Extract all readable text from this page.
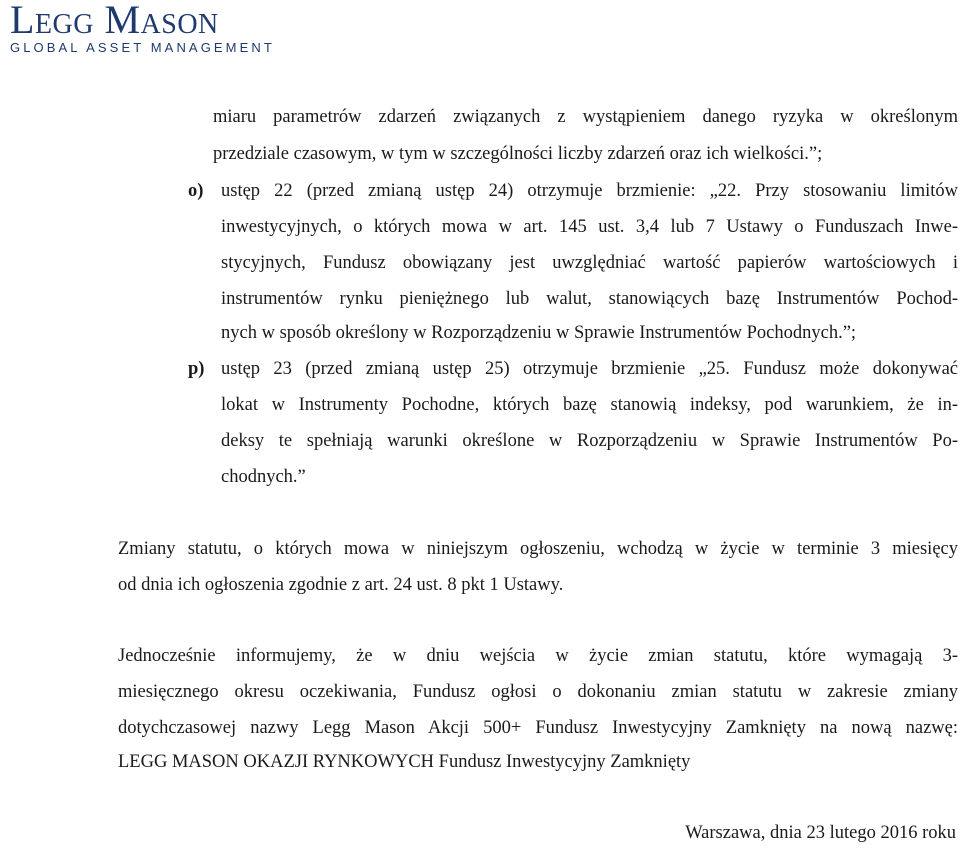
Legg Mason
GLOBAL ASSET MANAGEMENT
miaru parametrów zdarzeń związanych z wystąpieniem danego ryzyka w określonym
przedziale czasowym, w tym w szczególności liczby zdarzeń oraz ich wielkości.”;
o) ustęp 22 (przed zmianą ustęp 24) otrzymuje brzmienie: „22. Przy stosowaniu limitów
inwestycyjnych, o których mowa w art. 145 ust. 3,4 lub 7 Ustawy o Funduszach Inwe-
stycyjnych, Fundusz obowiązany jest uwzględniać wartość papierów wartościowych i
instrumentów rynku pieniężnego lub walut, stanowiących bazę Instrumentów Pochod-
nych w sposób określony w Rozporządzeniu w Sprawie Instrumentów Pochodnych.”;
p) ustęp 23 (przed zmianą ustęp 25) otrzymuje brzmienie „25. Fundusz może dokonywać
lokat w Instrumenty Pochodne, których bazę stanowią indeksy, pod warunkiem, że in-
deksy te spełniają warunki określone w Rozporządzeniu w Sprawie Instrumentów Po-
chodnych.”
Zmiany statutu, o których mowa w niniejszym ogłoszeniu, wchodzą w życie w terminie 3 miesięcy
od dnia ich ogłoszenia zgodnie z art. 24 ust. 8 pkt 1 Ustawy.
Jednocześnie informujemy, że w dniu wejścia w życie zmian statutu, które wymagają 3-
miesięcznego okresu oczekiwania, Fundusz ogłosi o dokonaniu zmian statutu w zakresie zmiany
dotychczasowej nazwy Legg Mason Akcji 500+ Fundusz Inwestycyjny Zamknięty na nową nazwę:
LEGG MASON OKAZJI RYNKOWYCH Fundusz Inwestycyjny Zamknięty
Warszawa, dnia 23 lutego 2016 roku
